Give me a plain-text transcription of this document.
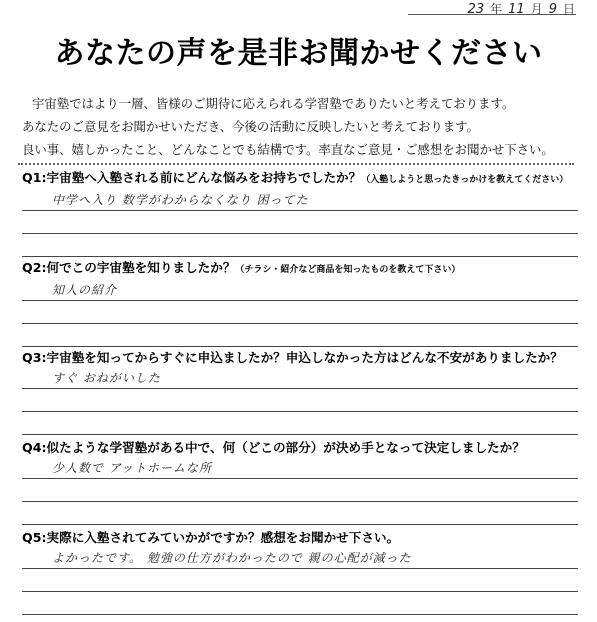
23 年 11 月 9 日
あなたの声を是非お聞かせください

宇宙塾ではより一層、皆様のご期待に応えられる学習塾でありたいと考えております。

あなたのご意見をお聞かせいただき、今後の活動に反映したいと考えております。

良い事、嬉しかったこと、どんなことでも結構です。率直なご意見・ご感想をお聞かせ下さい。

Q1:宇宙塾へ入塾される前にどんな悩みをお持ちでしたか？（入塾しようと思ったきっかけを教えてください）
中学へ入り 数学がわからなくなり 困ってた
Q2:何でこの宇宙塾を知りましたか？（チラシ・紹介など商品を知ったものを教えて下さい）
知人の紹介
Q3:宇宙塾を知ってからすぐに申込ましたか？申込しなかった方はどんな不安がありましたか？
すぐ おねがいした
Q4:似たような学習塾がある中で、何（どこの部分）が決め手となって決定しましたか？
少人数で アットホームな所
Q5:実際に入塾されてみていかがですか？感想をお聞かせ下さい。
よかったです。 勉強の仕方がわかったので 親の心配が減った
